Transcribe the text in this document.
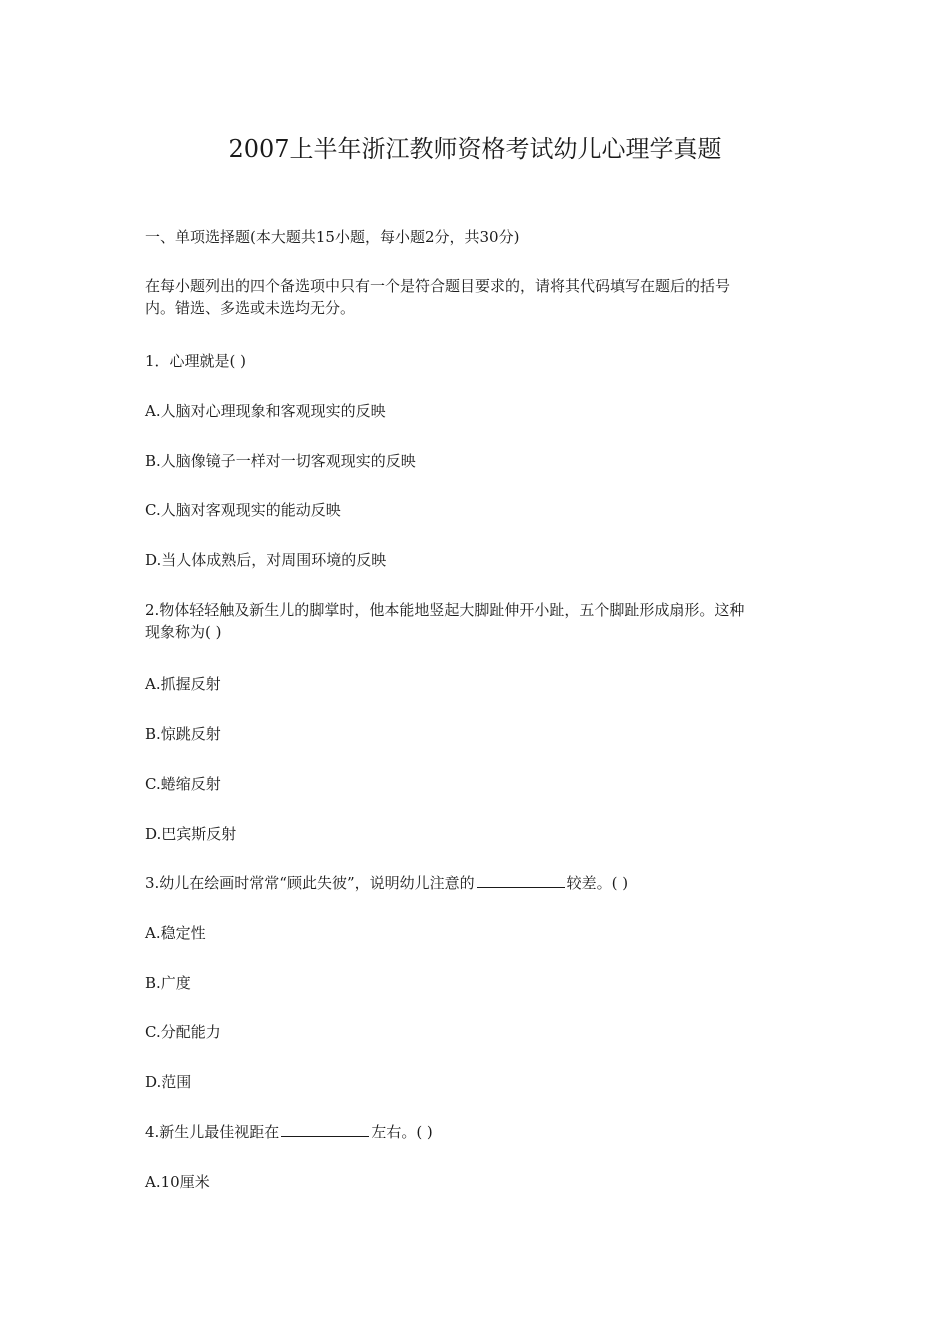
2007上半年浙江教师资格考试幼儿心理学真题
一、单项选择题(本大题共15小题，每小题2分，共30分)
在每小题列出的四个备选项中只有一个是符合题目要求的，请将其代码填写在题后的括号
内。错选、多选或未选均无分。
1．心理就是( )
A.人脑对心理现象和客观现实的反映
B.人脑像镜子一样对一切客观现实的反映
C.人脑对客观现实的能动反映
D.当人体成熟后，对周围环境的反映
2.物体轻轻触及新生儿的脚掌时，他本能地竖起大脚趾伸开小趾，五个脚趾形成扇形。这种
现象称为( )
A.抓握反射
B.惊跳反射
C.蜷缩反射
D.巴宾斯反射
3.幼儿在绘画时常常“顾此失彼”，说明幼儿注意的	较差。( )
A.稳定性
B.广度
C.分配能力
D.范围
4.新生儿最佳视距在	左右。( )
A.10厘米
